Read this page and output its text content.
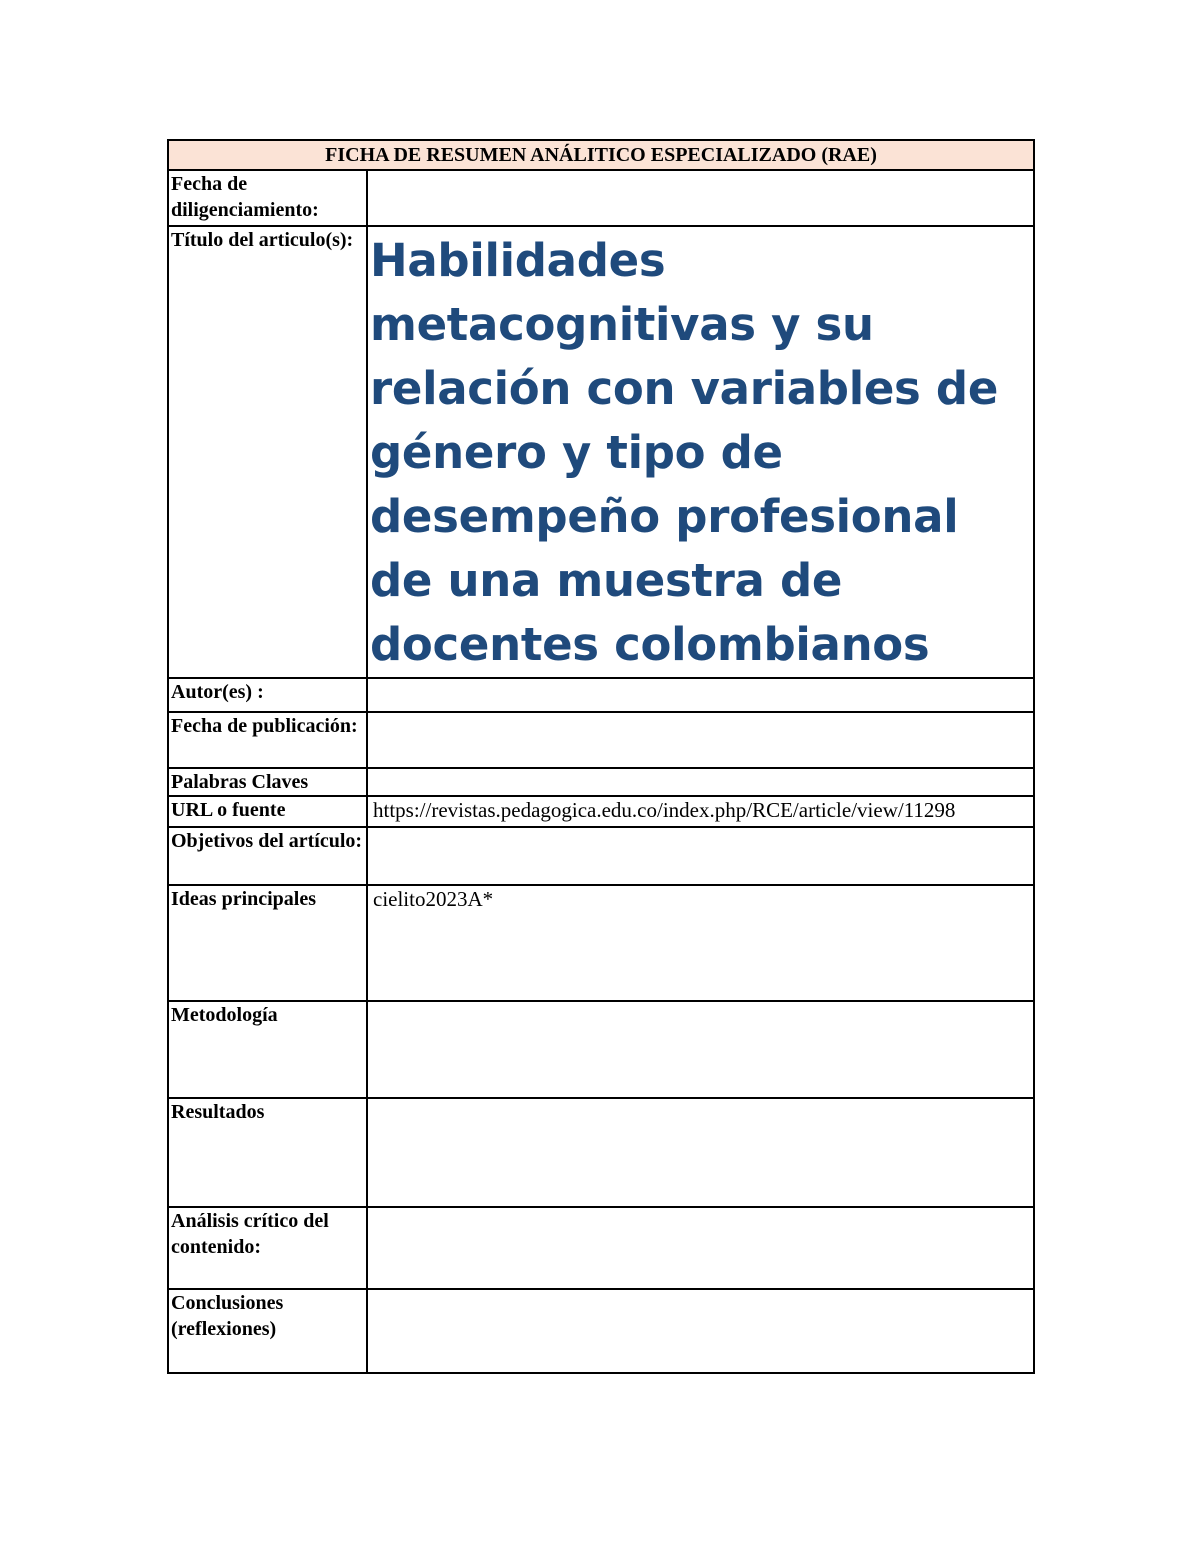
FICHA DE RESUMEN ANÁLITICO ESPECIALIZADO (RAE)	
Fecha de diligenciamiento:	
Título del articulo(s):	Habilidades metacognitivas y su relación con variables de género y tipo de desempeño profesional de una muestra de docentes colombianos
Autor(es) :	
Fecha de publicación:	
Palabras Claves	
URL o fuente	https://revistas.pedagogica.edu.co/index.php/RCE/article/view/11298
Objetivos del artículo:	
Ideas principales	cielito2023A*
Metodología	
Resultados	
Análisis crítico del contenido:	
Conclusiones (reflexiones)	
